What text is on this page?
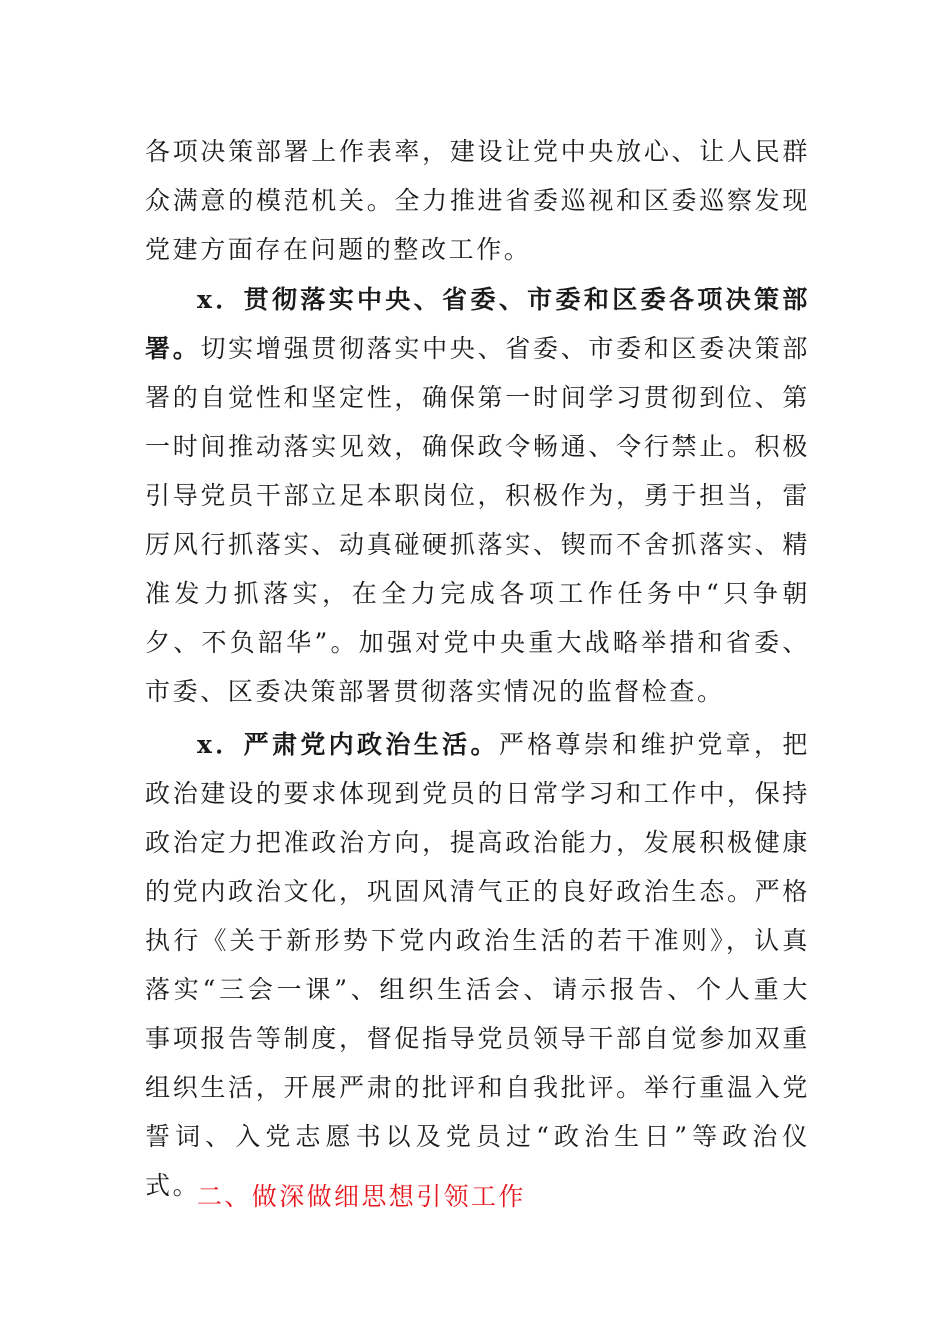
各项决策部署上作表率，建设让党中央放心、让人民群众满意的模范机关。全力推进省委巡视和区委巡察发现党建方面存在问题的整改工作。
x．贯彻落实中央、省委、市委和区委各项决策部署。切实增强贯彻落实中央、省委、市委和区委决策部署的自觉性和坚定性，确保第一时间学习贯彻到位、第一时间推动落实见效，确保政令畅通、令行禁止。积极引导党员干部立足本职岗位，积极作为，勇于担当，雷厉风行抓落实、动真碰硬抓落实、锲而不舍抓落实、精准发力抓落实，在全力完成各项工作任务中“只争朝夕、不负韶华”。加强对党中央重大战略举措和省委、市委、区委决策部署贯彻落实情况的监督检查。
x．严肃党内政治生活。严格尊崇和维护党章，把政治建设的要求体现到党员的日常学习和工作中，保持政治定力把准政治方向，提高政治能力，发展积极健康的党内政治文化，巩固风清气正的良好政治生态。严格执行《关于新形势下党内政治生活的若干准则》，认真落实“三会一课”、组织生活会、请示报告、个人重大事项报告等制度，督促指导党员领导干部自觉参加双重组织生活，开展严肃的批评和自我批评。举行重温入党誓词、入党志愿书以及党员过“政治生日”等政治仪式。
二、做深做细思想引领工作
